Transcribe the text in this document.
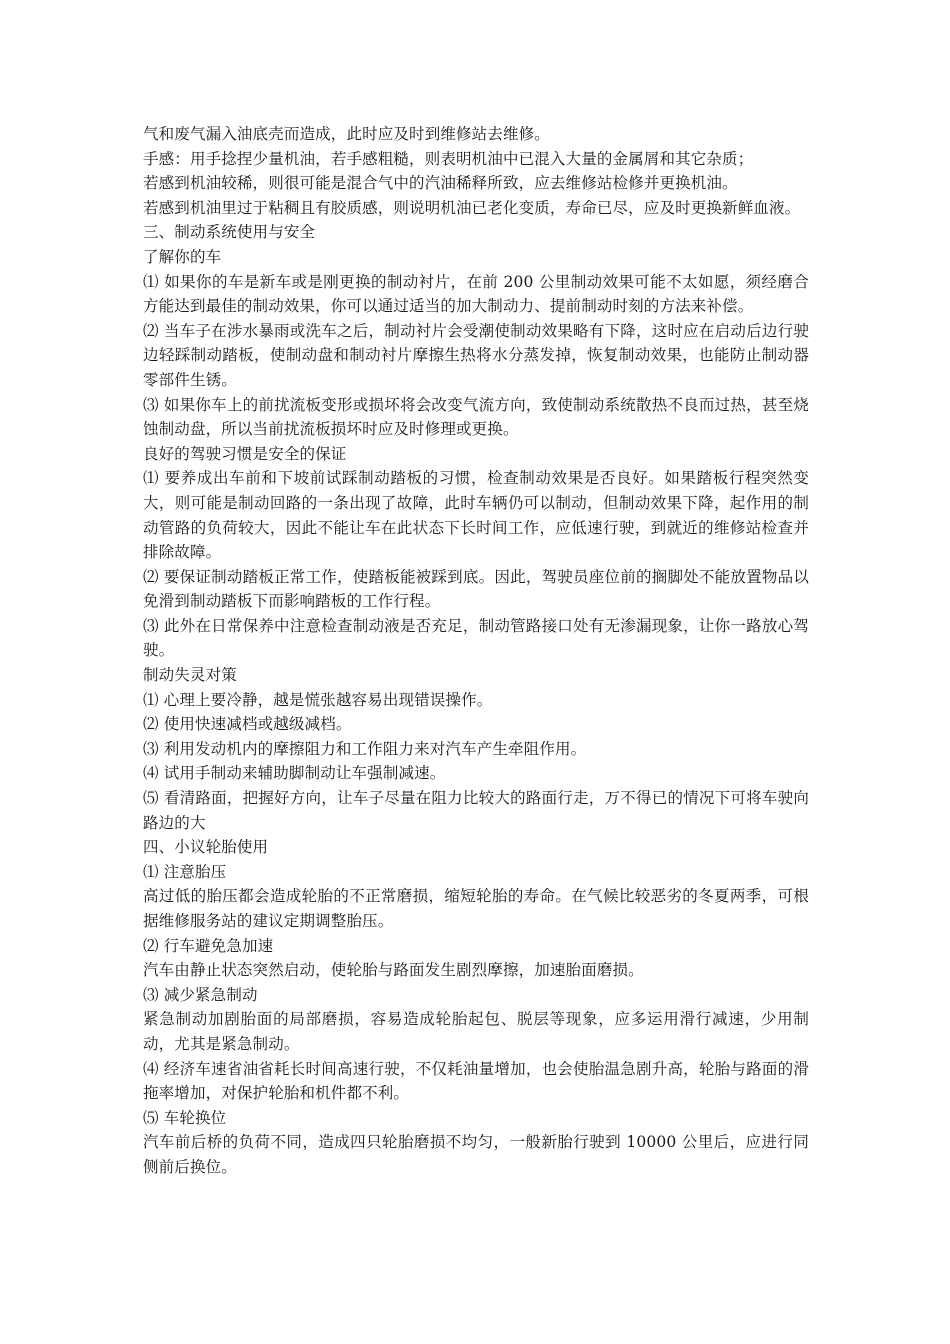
气和废气漏入油底壳而造成，此时应及时到维修站去维修。

手感：用手捻捏少量机油，若手感粗糙，则表明机油中已混入大量的金属屑和其它杂质；

若感到机油较稀，则很可能是混合气中的汽油稀释所致，应去维修站检修并更换机油。

若感到机油里过于粘稠且有胶质感，则说明机油已老化变质，寿命已尽，应及时更换新鲜血液。

三、制动系统使用与安全

了解你的车

⑴ 如果你的车是新车或是刚更换的制动衬片，在前 200 公里制动效果可能不太如愿，须经磨合方能达到最佳的制动效果，你可以通过适当的加大制动力、提前制动时刻的方法来补偿。

⑵ 当车子在涉水暴雨或洗车之后，制动衬片会受潮使制动效果略有下降，这时应在启动后边行驶边轻踩制动踏板，使制动盘和制动衬片摩擦生热将水分蒸发掉，恢复制动效果，也能防止制动器零部件生锈。

⑶ 如果你车上的前扰流板变形或损坏将会改变气流方向，致使制动系统散热不良而过热，甚至烧蚀制动盘，所以当前扰流板损坏时应及时修理或更换。

良好的驾驶习惯是安全的保证

⑴ 要养成出车前和下坡前试踩制动踏板的习惯，检查制动效果是否良好。如果踏板行程突然变大，则可能是制动回路的一条出现了故障，此时车辆仍可以制动，但制动效果下降，起作用的制动管路的负荷较大，因此不能让车在此状态下长时间工作，应低速行驶，到就近的维修站检查并排除故障。

⑵ 要保证制动踏板正常工作，使踏板能被踩到底。因此，驾驶员座位前的搁脚处不能放置物品以免滑到制动踏板下而影响踏板的工作行程。

⑶ 此外在日常保养中注意检查制动液是否充足，制动管路接口处有无渗漏现象，让你一路放心驾驶。

制动失灵对策

⑴ 心理上要冷静，越是慌张越容易出现错误操作。

⑵ 使用快速减档或越级减档。

⑶ 利用发动机内的摩擦阻力和工作阻力来对汽车产生牵阻作用。

⑷ 试用手制动来辅助脚制动让车强制减速。

⑸ 看清路面，把握好方向，让车子尽量在阻力比较大的路面行走，万不得已的情况下可将车驶向路边的大

四、小议轮胎使用

⑴ 注意胎压

高过低的胎压都会造成轮胎的不正常磨损，缩短轮胎的寿命。在气候比较恶劣的冬夏两季，可根据维修服务站的建议定期调整胎压。

⑵ 行车避免急加速

汽车由静止状态突然启动，使轮胎与路面发生剧烈摩擦，加速胎面磨损。

⑶ 减少紧急制动

紧急制动加剧胎面的局部磨损，容易造成轮胎起包、脱层等现象，应多运用滑行减速，少用制动，尤其是紧急制动。

⑷ 经济车速省油省耗长时间高速行驶，不仅耗油量增加，也会使胎温急剧升高，轮胎与路面的滑拖率增加，对保护轮胎和机件都不利。

⑸ 车轮换位

汽车前后桥的负荷不同，造成四只轮胎磨损不均匀，一般新胎行驶到 10000 公里后，应进行同侧前后换位。
